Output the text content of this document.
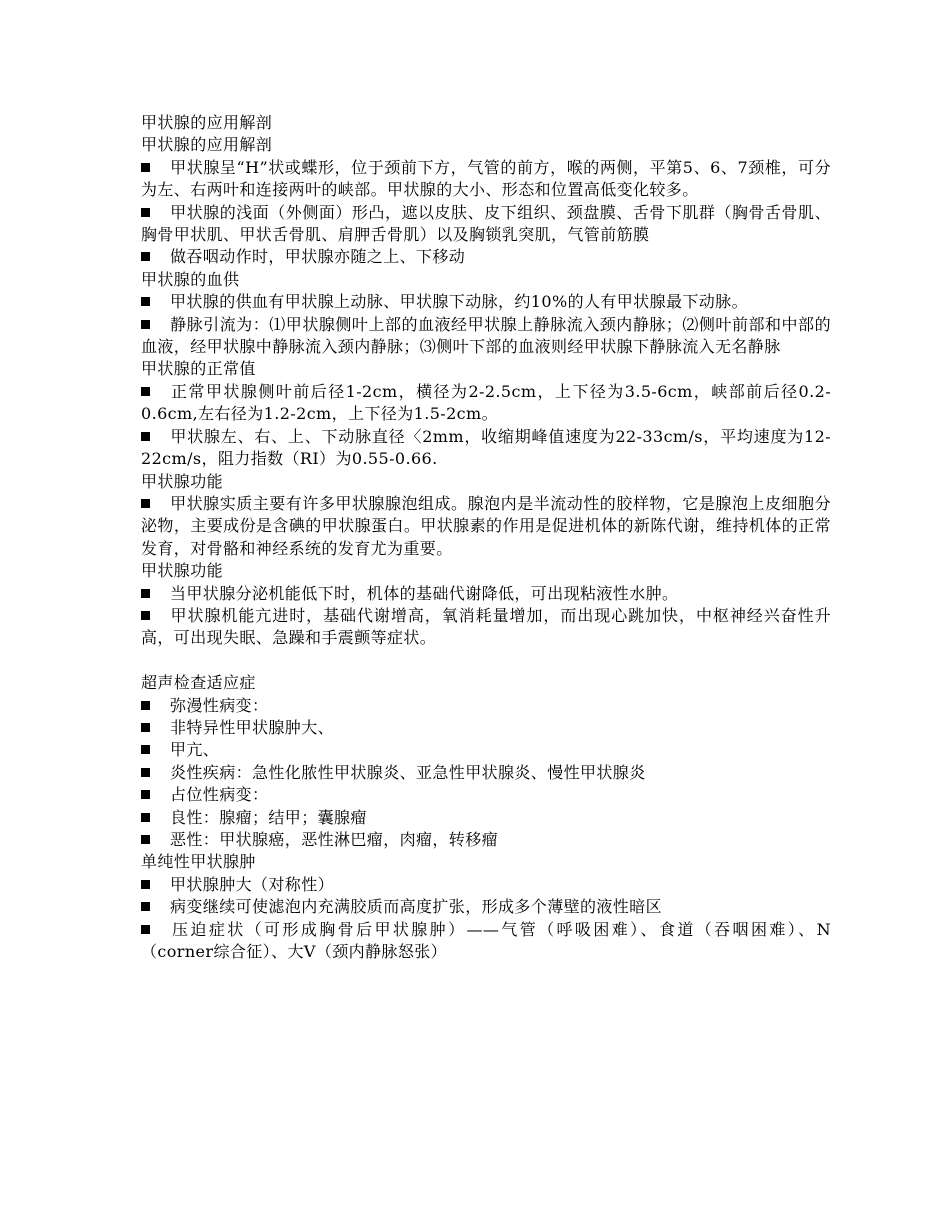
甲状腺的应用解剖
甲状腺的应用解剖
甲状腺呈“H”状或蝶形，位于颈前下方，气管的前方，喉的两侧，平第5、6、7颈椎，可分为左、右两叶和连接两叶的峡部。甲状腺的大小、形态和位置高低变化较多。
甲状腺的浅面（外侧面）形凸，遮以皮肤、皮下组织、颈盘膜、舌骨下肌群（胸骨舌骨肌、胸骨甲状肌、甲状舌骨肌、肩胛舌骨肌）以及胸锁乳突肌，气管前筋膜
做吞咽动作时，甲状腺亦随之上、下移动
甲状腺的血供
甲状腺的供血有甲状腺上动脉、甲状腺下动脉，约10%的人有甲状腺最下动脉。
静脉引流为：⑴甲状腺侧叶上部的血液经甲状腺上静脉流入颈内静脉；⑵侧叶前部和中部的血液，经甲状腺中静脉流入颈内静脉；⑶侧叶下部的血液则经甲状腺下静脉流入无名静脉
甲状腺的正常值
正常甲状腺侧叶前后径1-2cm，横径为2-2.5cm，上下径为3.5-6cm，峡部前后径0.2-0.6cm,左右径为1.2-2cm，上下径为1.5-2cm。
甲状腺左、右、上、下动脉直径〈2mm，收缩期峰值速度为22-33cm/s，平均速度为12-22cm/s，阻力指数（RI）为0.55-0.66.
甲状腺功能
甲状腺实质主要有许多甲状腺腺泡组成。腺泡内是半流动性的胶样物，它是腺泡上皮细胞分泌物，主要成份是含碘的甲状腺蛋白。甲状腺素的作用是促进机体的新陈代谢，维持机体的正常发育，对骨骼和神经系统的发育尤为重要。
甲状腺功能
当甲状腺分泌机能低下时，机体的基础代谢降低，可出现粘液性水肿。
甲状腺机能亢进时，基础代谢增高，氧消耗量增加，而出现心跳加快，中枢神经兴奋性升高，可出现失眠、急躁和手震颤等症状。
超声检查适应症
弥漫性病变：
非特异性甲状腺肿大、
甲亢、
炎性疾病：急性化脓性甲状腺炎、亚急性甲状腺炎、慢性甲状腺炎
占位性病变：
良性：腺瘤；结甲；囊腺瘤
恶性：甲状腺癌，恶性淋巴瘤，肉瘤，转移瘤
单纯性甲状腺肿
甲状腺肿大（对称性）
病变继续可使滤泡内充满胶质而高度扩张，形成多个薄壁的液性暗区
压迫症状（可形成胸骨后甲状腺肿）——气管（呼吸困难）、食道（吞咽困难）、N（corner综合征）、大V（颈内静脉怒张）
